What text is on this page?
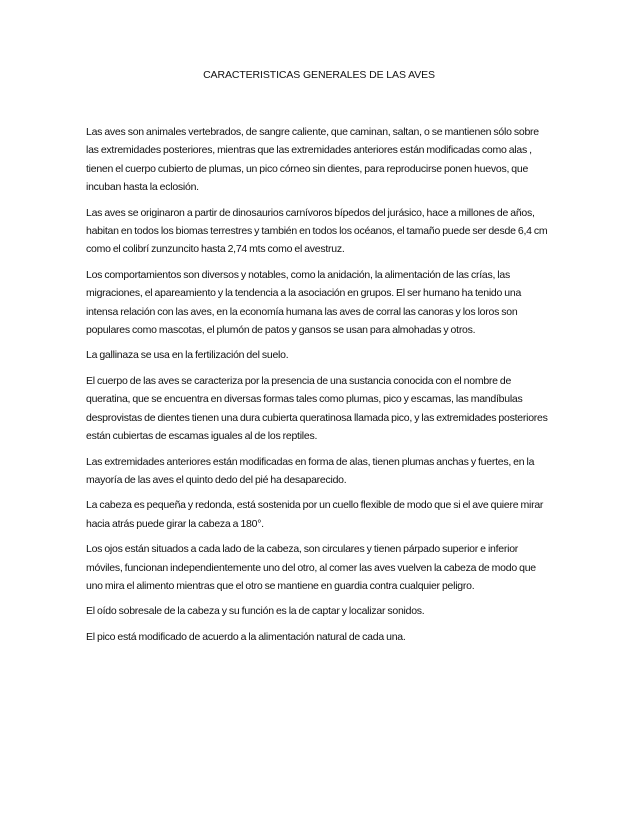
CARACTERISTICAS GENERALES DE LAS AVES

Las aves son animales vertebrados, de sangre caliente, que caminan, saltan, o se mantienen sólo sobre las extremidades posteriores, mientras que las extremidades anteriores están modificadas como alas , tienen el cuerpo cubierto de plumas, un pico córneo sin dientes, para reproducirse ponen huevos, que incuban hasta la eclosión.

Las aves se originaron a partir de dinosaurios carnívoros bípedos del jurásico, hace a millones de años, habitan en todos los biomas terrestres y también en todos los océanos, el tamaño puede ser desde 6,4 cm como el colibrí zunzuncito hasta 2,74 mts como el avestruz.

Los comportamientos son diversos y notables, como la anidación, la alimentación de las crías, las migraciones, el apareamiento y la tendencia a la asociación en grupos. El ser humano ha tenido una intensa relación con las aves, en la economía humana las aves de corral las canoras y los loros son populares como mascotas, el plumón de patos y gansos se usan para almohadas y otros.

La gallinaza se usa en la fertilización del suelo.

El cuerpo de las aves se caracteriza por la presencia de una sustancia conocida con el nombre de queratina, que se encuentra en diversas formas tales como plumas, pico y escamas, las mandíbulas desprovistas de dientes tienen una dura cubierta queratinosa llamada pico, y las extremidades posteriores están cubiertas de escamas iguales al de los reptiles.

Las extremidades anteriores están modificadas en forma de alas, tienen plumas anchas y fuertes, en la mayoría de las aves el quinto dedo del pié ha desaparecido.

La cabeza es pequeña y redonda, está sostenida por un cuello flexible de modo que si el ave quiere mirar hacia atrás puede girar la cabeza a 180°.

Los ojos están situados a cada lado de la cabeza, son circulares y tienen párpado superior e inferior móviles, funcionan independientemente uno del otro, al comer las aves vuelven la cabeza de modo que uno mira el alimento mientras que el otro se mantiene en guardia contra cualquier peligro.

El oído sobresale de la cabeza y su función es la de captar y localizar sonidos.

El pico está modificado de acuerdo a la alimentación natural de cada una.
